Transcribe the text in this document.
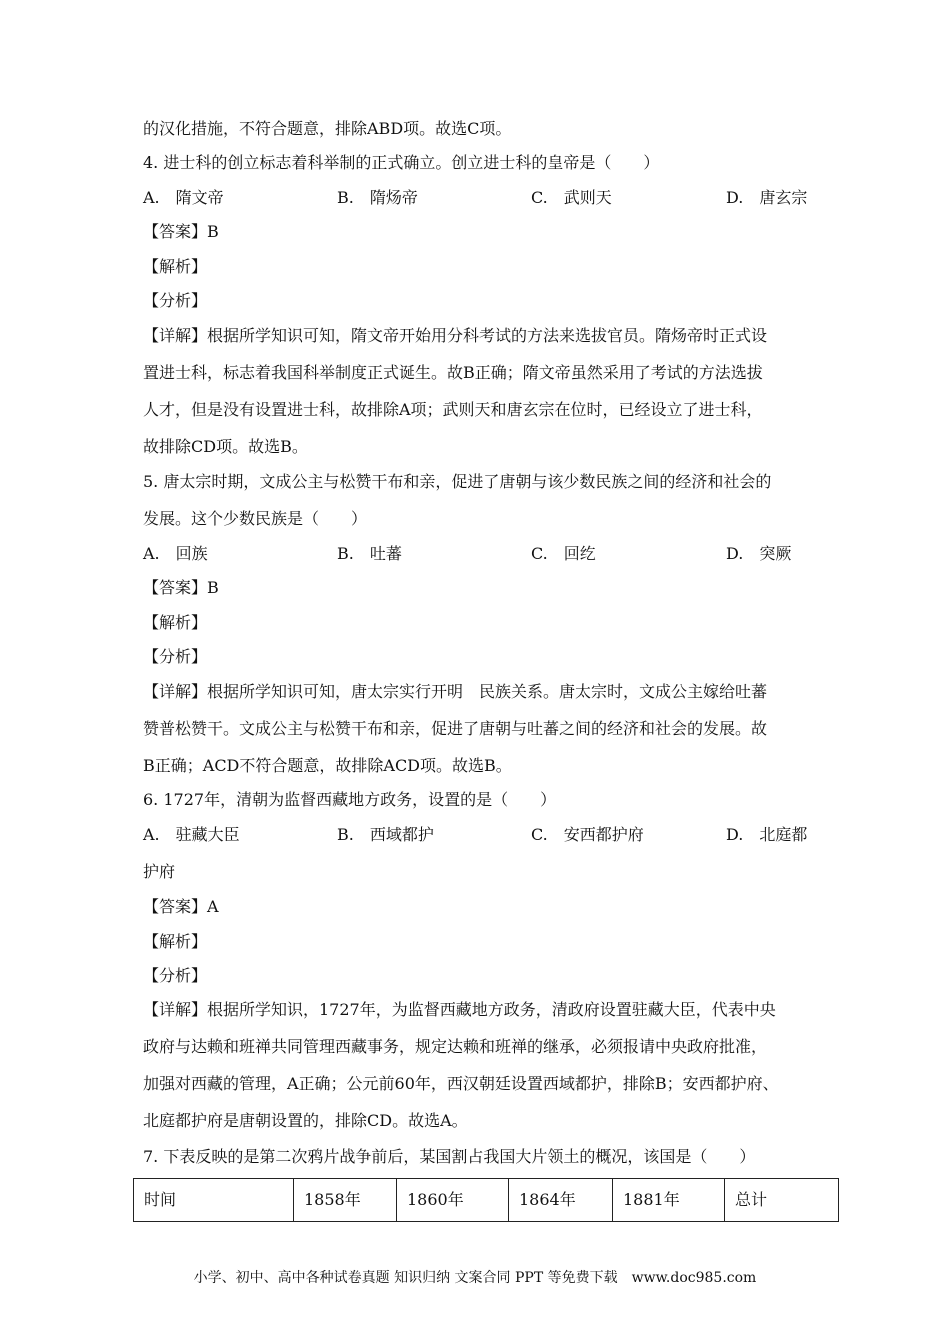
的汉化措施，不符合题意，排除ABD项。故选C项。
4. 进士科的创立标志着科举制的正式确立。创立进士科的皇帝是（　　）
A.　隋文帝	B.　隋炀帝	C.　武则天	D.　唐玄宗
【答案】B
【解析】
【分析】
【详解】根据所学知识可知，隋文帝开始用分科考试的方法来选拔官员。隋炀帝时正式设
置进士科，标志着我国科举制度正式诞生。故B正确；隋文帝虽然采用了考试的方法选拔
人才，但是没有设置进士科，故排除A项；武则天和唐玄宗在位时，已经设立了进士科，
故排除CD项。故选B。
5. 唐太宗时期，文成公主与松赞干布和亲，促进了唐朝与该少数民族之间的经济和社会的
发展。这个少数民族是（　　）
A.　回族	B.　吐蕃	C.　回纥	D.　突厥
【答案】B
【解析】
【分析】
【详解】根据所学知识可知，唐太宗实行开明　民族关系。唐太宗时，文成公主嫁给吐蕃
赞普松赞干。文成公主与松赞干布和亲，促进了唐朝与吐蕃之间的经济和社会的发展。故
B正确；ACD不符合题意，故排除ACD项。故选B。
6. 1727年，清朝为监督西藏地方政务，设置的是（　　）
A.　驻藏大臣	B.　西域都护	C.　安西都护府	D.　北庭都
护府
【答案】A
【解析】
【分析】
【详解】根据所学知识，1727年，为监督西藏地方政务，清政府设置驻藏大臣，代表中央
政府与达赖和班禅共同管理西藏事务，规定达赖和班禅的继承，必须报请中央政府批准，
加强对西藏的管理，A正确；公元前60年，西汉朝廷设置西域都护，排除B；安西都护府、
北庭都护府是唐朝设置的，排除CD。故选A。
7. 下表反映的是第二次鸦片战争前后，某国割占我国大片领土的概况，该国是（　　）
时间	1858年	1860年	1864年	1881年	总计
小学、初中、高中各种试卷真题 知识归纳 文案合同 PPT 等免费下载　www.doc985.com
